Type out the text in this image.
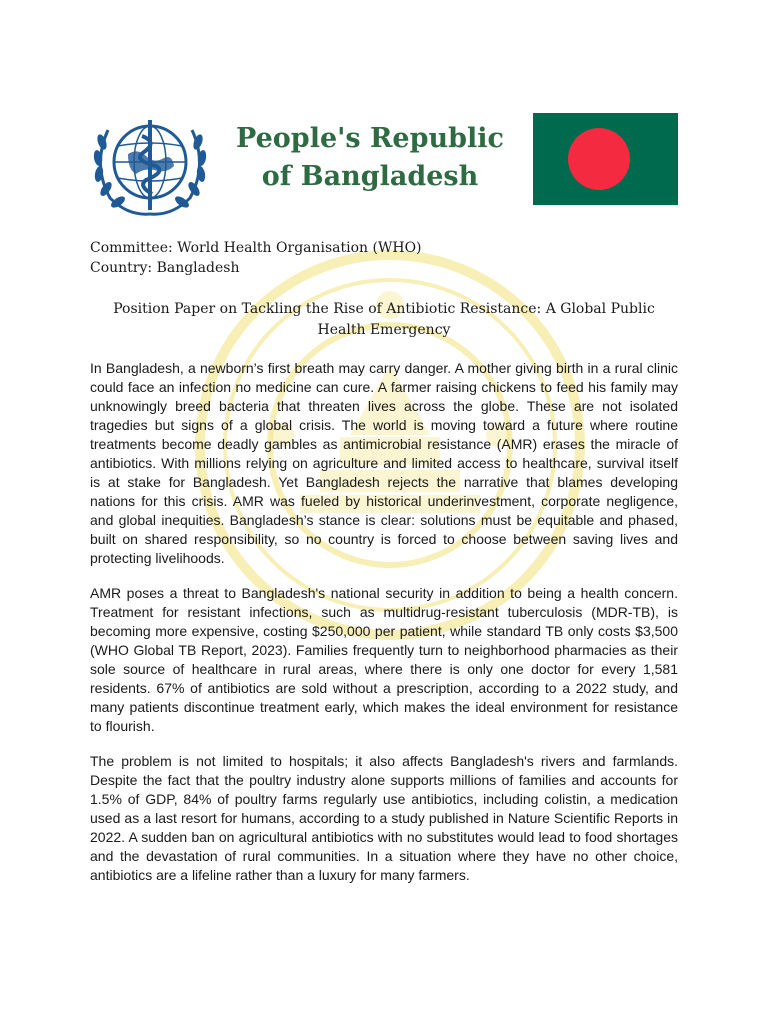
People's Republic of Bangladesh
Committee: World Health Organisation (WHO)
Country: Bangladesh
Position Paper on Tackling the Rise of Antibiotic Resistance: A Global Public Health Emergency

In Bangladesh, a newborn’s first breath may carry danger. A mother giving birth in a rural clinic could face an infection no medicine can cure. A farmer raising chickens to feed his family may unknowingly breed bacteria that threaten lives across the globe. These are not isolated tragedies but signs of a global crisis. The world is moving toward a future where routine treatments become deadly gambles as antimicrobial resistance (AMR) erases the miracle of antibiotics. With millions relying on agriculture and limited access to healthcare, survival itself is at stake for Bangladesh. Yet Bangladesh rejects the narrative that blames developing nations for this crisis. AMR was fueled by historical underinvestment, corporate negligence, and global inequities. Bangladesh’s stance is clear: solutions must be equitable and phased, built on shared responsibility, so no country is forced to choose between saving lives and protecting livelihoods.

AMR poses a threat to Bangladesh's national security in addition to being a health concern. Treatment for resistant infections, such as multidrug-resistant tuberculosis (MDR-TB), is becoming more expensive, costing $250,000 per patient, while standard TB only costs $3,500 (WHO Global TB Report, 2023). Families frequently turn to neighborhood pharmacies as their sole source of healthcare in rural areas, where there is only one doctor for every 1,581 residents. 67% of antibiotics are sold without a prescription, according to a 2022 study, and many patients discontinue treatment early, which makes the ideal environment for resistance to flourish.

The problem is not limited to hospitals; it also affects Bangladesh's rivers and farmlands. Despite the fact that the poultry industry alone supports millions of families and accounts for 1.5% of GDP, 84% of poultry farms regularly use antibiotics, including colistin, a medication used as a last resort for humans, according to a study published in Nature Scientific Reports in 2022. A sudden ban on agricultural antibiotics with no substitutes would lead to food shortages and the devastation of rural communities. In a situation where they have no other choice, antibiotics are a lifeline rather than a luxury for many farmers.
